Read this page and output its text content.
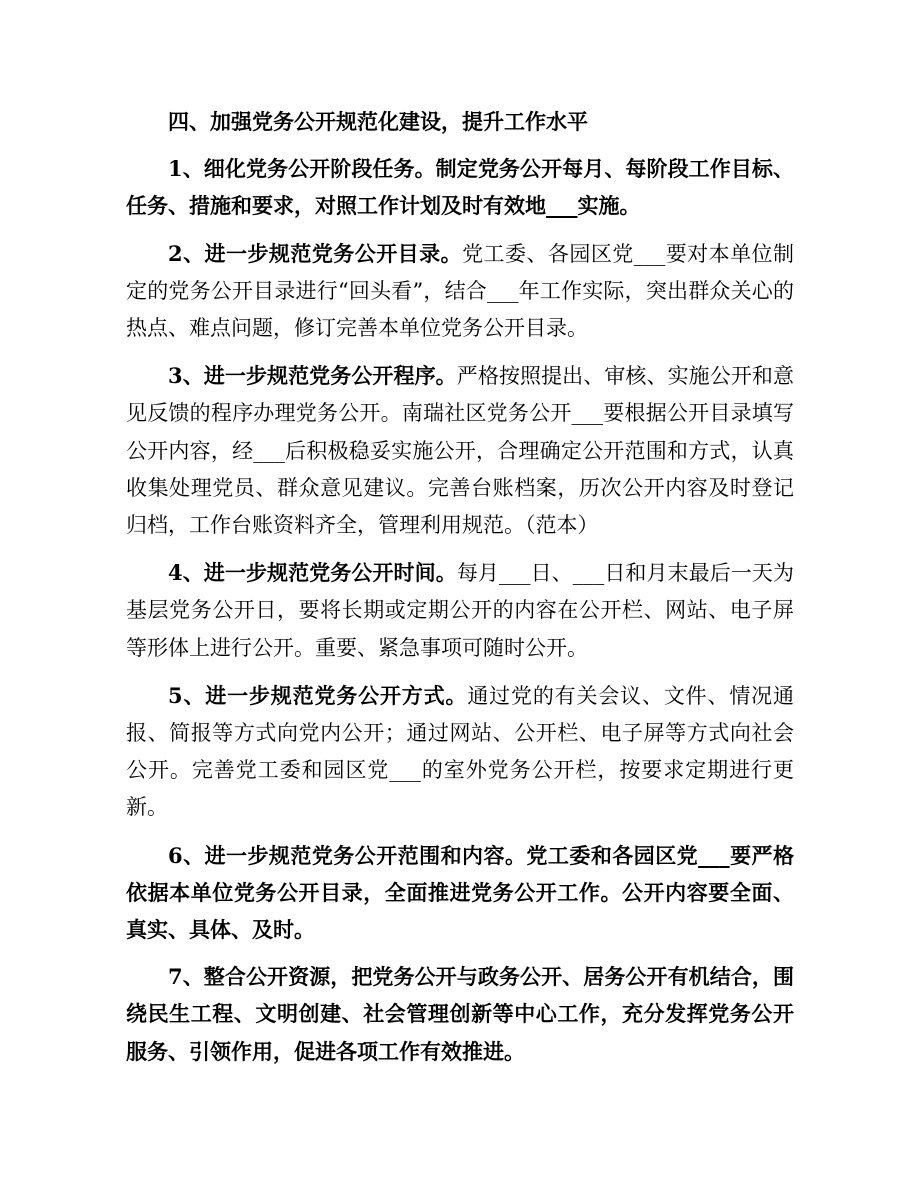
四、加强党务公开规范化建设，提升工作水平

1、细化党务公开阶段任务。制定党务公开每月、每阶段工作目标、任务、措施和要求，对照工作计划及时有效地___实施。

2、进一步规范党务公开目录。党工委、各园区党___要对本单位制定的党务公开目录进行“回头看”，结合___年工作实际，突出群众关心的热点、难点问题，修订完善本单位党务公开目录。

3、进一步规范党务公开程序。严格按照提出、审核、实施公开和意见反馈的程序办理党务公开。南瑞社区党务公开___要根据公开目录填写公开内容，经___后积极稳妥实施公开，合理确定公开范围和方式，认真收集处理党员、群众意见建议。完善台账档案，历次公开内容及时登记归档，工作台账资料齐全，管理利用规范。（范本）

4、进一步规范党务公开时间。每月___日、___日和月末最后一天为基层党务公开日，要将长期或定期公开的内容在公开栏、网站、电子屏等形体上进行公开。重要、紧急事项可随时公开。

5、进一步规范党务公开方式。通过党的有关会议、文件、情况通报、简报等方式向党内公开；通过网站、公开栏、电子屏等方式向社会公开。完善党工委和园区党___的室外党务公开栏，按要求定期进行更新。

6、进一步规范党务公开范围和内容。党工委和各园区党___要严格依据本单位党务公开目录，全面推进党务公开工作。公开内容要全面、真实、具体、及时。

7、整合公开资源，把党务公开与政务公开、居务公开有机结合，围绕民生工程、文明创建、社会管理创新等中心工作，充分发挥党务公开服务、引领作用，促进各项工作有效推进。
